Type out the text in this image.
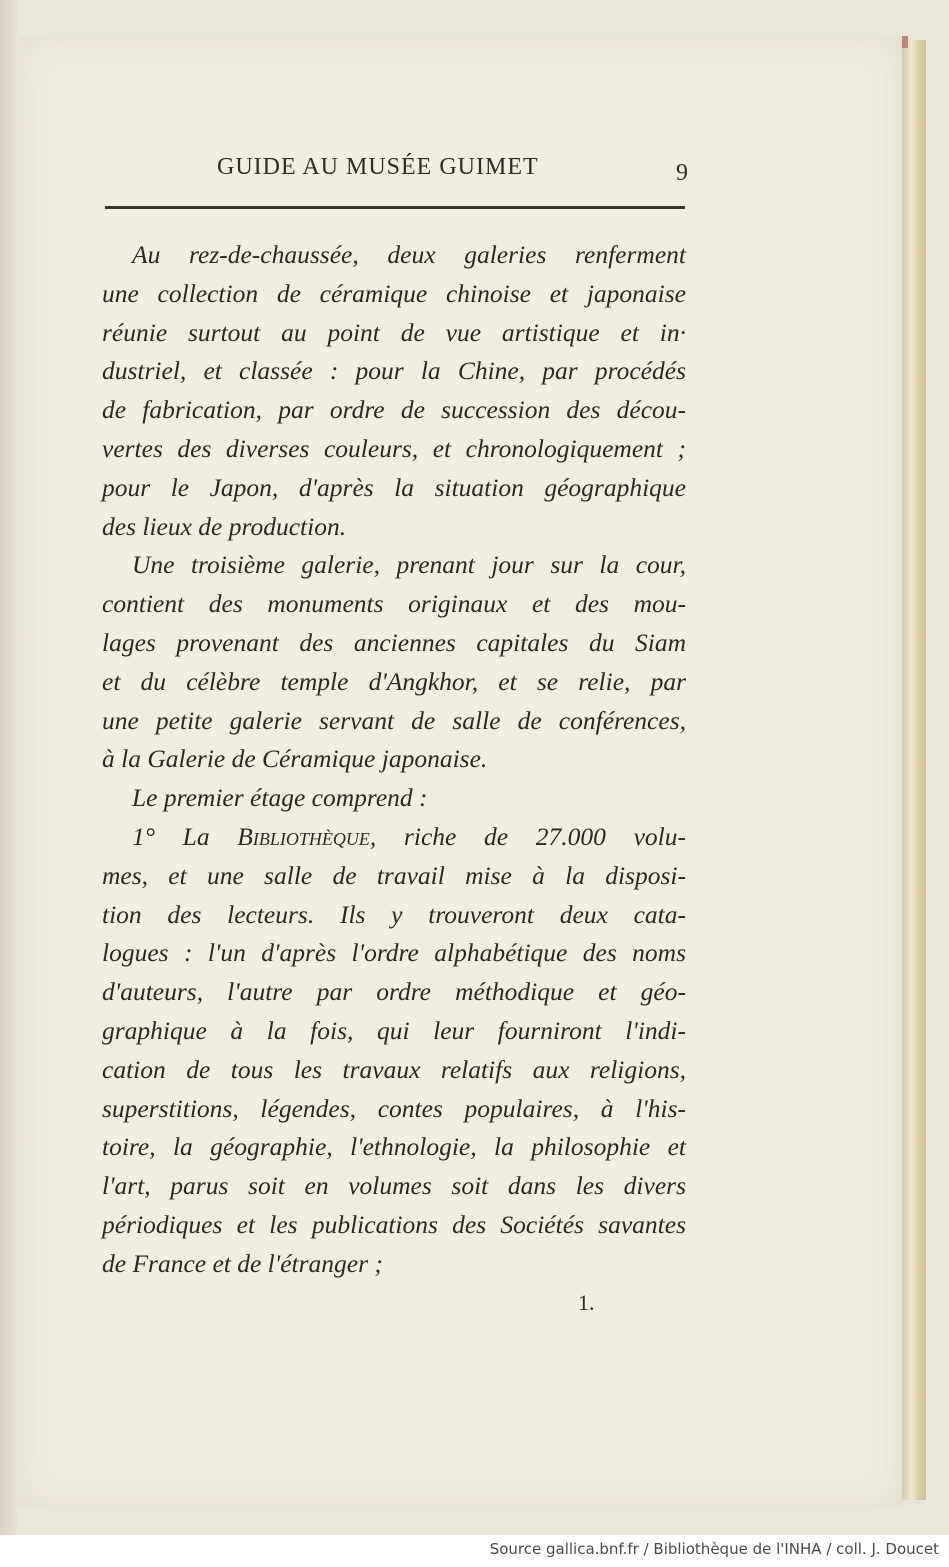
GUIDE AU MUSÉE GUIMET	9
Au rez-de-chaussée, deux galeries renferment
une collection de céramique chinoise et japonaise
réunie surtout au point de vue artistique et in·
dustriel, et classée : pour la Chine, par procédés
de fabrication, par ordre de succession des décou-
vertes des diverses couleurs, et chronologiquement ;
pour le Japon, d'après la situation géographique
des lieux de production.
Une troisième galerie, prenant jour sur la cour,
contient des monuments originaux et des mou-
lages provenant des anciennes capitales du Siam
et du célèbre temple d'Angkhor, et se relie, par
une petite galerie servant de salle de conférences,
à la Galerie de Céramique japonaise.
Le premier étage comprend :
1° La Bibliothèque, riche de 27.000 volu-
mes, et une salle de travail mise à la disposi-
tion des lecteurs. Ils y trouveront deux cata-
logues : l'un d'après l'ordre alphabétique des noms
d'auteurs, l'autre par ordre méthodique et géo-
graphique à la fois, qui leur fourniront l'indi-
cation de tous les travaux relatifs aux religions,
superstitions, légendes, contes populaires, à l'his-
toire, la géographie, l'ethnologie, la philosophie et
l'art, parus soit en volumes soit dans les divers
périodiques et les publications des Sociétés savantes
de France et de l'étranger ;
1.
Source gallica.bnf.fr / Bibliothèque de l'INHA / coll. J. Doucet
